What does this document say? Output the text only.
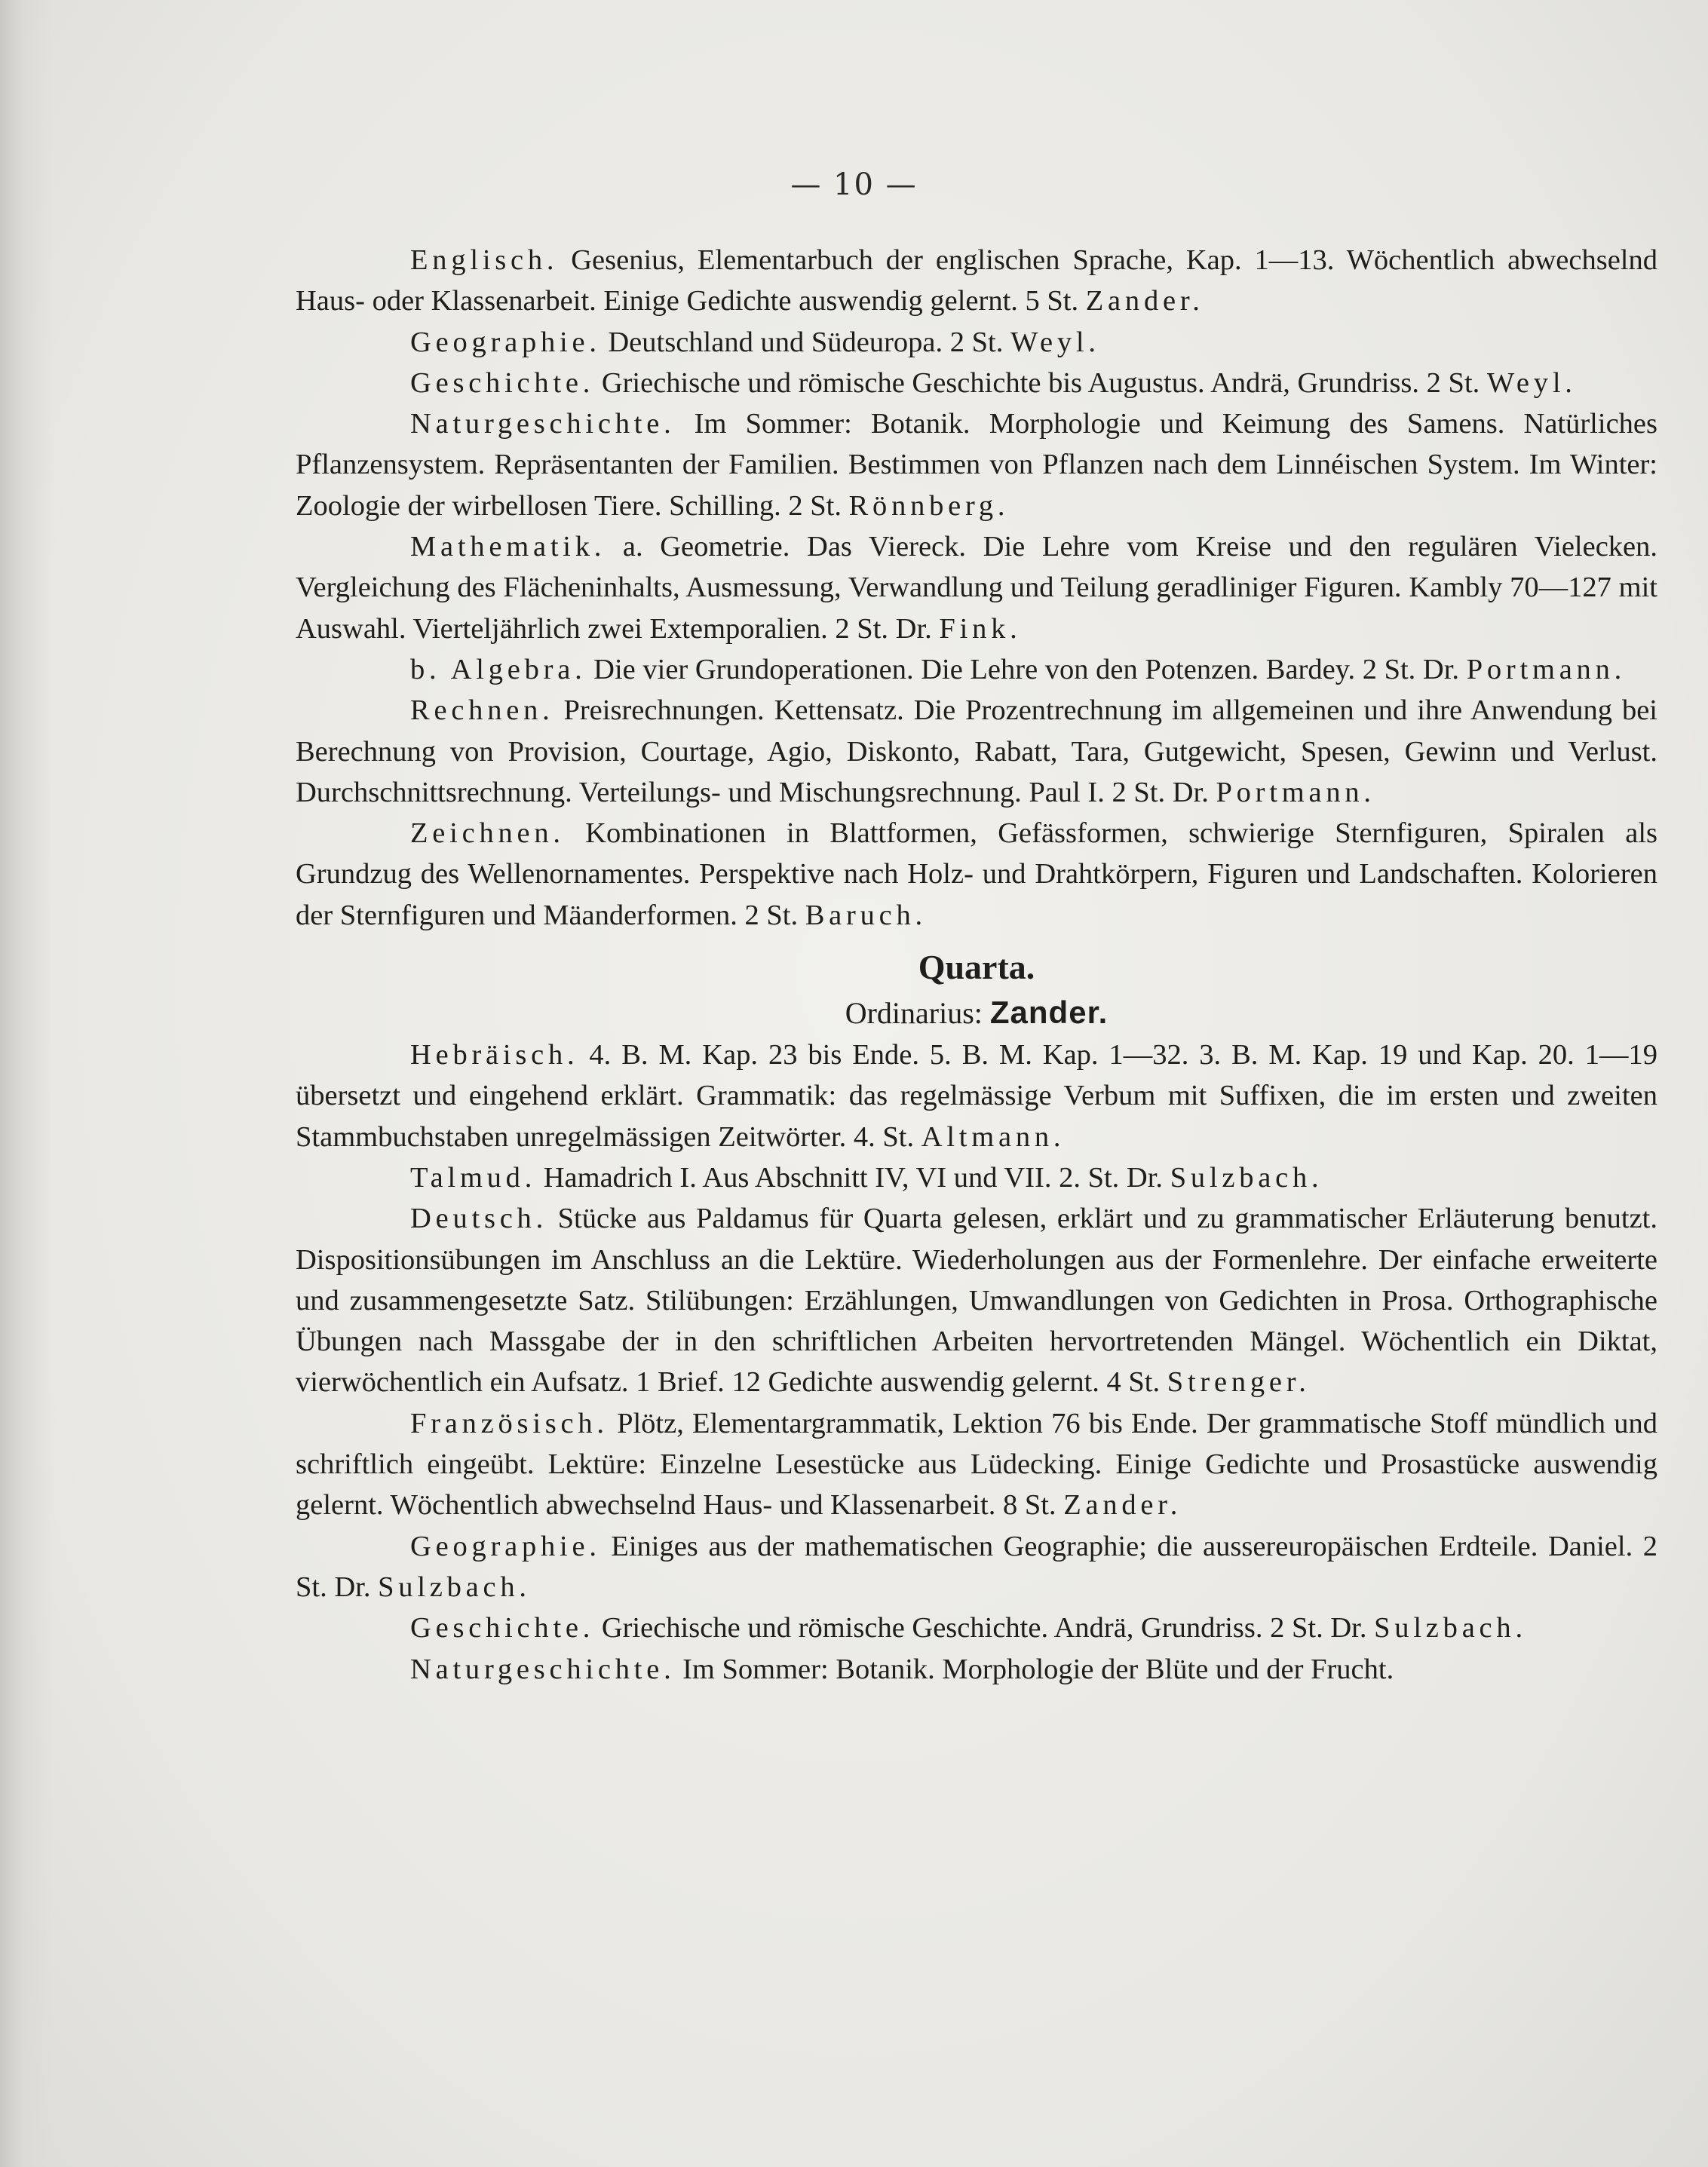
— 10 —

Englisch. Gesenius, Elementarbuch der englischen Sprache, Kap. 1—13. Wöchentlich abwechselnd Haus- oder Klassenarbeit. Einige Gedichte auswendig gelernt. 5 St. Zander.

Geographie. Deutschland und Südeuropa. 2 St. Weyl.

Geschichte. Griechische und römische Geschichte bis Augustus. Andrä, Grundriss. 2 St. Weyl.

Naturgeschichte. Im Sommer: Botanik. Morphologie und Keimung des Samens. Natürliches Pflanzensystem. Repräsentanten der Familien. Bestimmen von Pflanzen nach dem Linnéischen System. Im Winter: Zoologie der wirbellosen Tiere. Schilling. 2 St. Rönnberg.

Mathematik. a. Geometrie. Das Viereck. Die Lehre vom Kreise und den regulären Vielecken. Vergleichung des Flächeninhalts, Ausmessung, Verwandlung und Teilung geradliniger Figuren. Kambly 70—127 mit Auswahl. Vierteljährlich zwei Extemporalien. 2 St. Dr. Fink.

b. Algebra. Die vier Grundoperationen. Die Lehre von den Potenzen. Bardey. 2 St. Dr. Portmann.

Rechnen. Preisrechnungen. Kettensatz. Die Prozentrechnung im allgemeinen und ihre Anwendung bei Berechnung von Provision, Courtage, Agio, Diskonto, Rabatt, Tara, Gutgewicht, Spesen, Gewinn und Verlust. Durchschnittsrechnung. Verteilungs- und Mischungsrechnung. Paul I. 2 St. Dr. Portmann.

Zeichnen. Kombinationen in Blattformen, Gefässformen, schwierige Sternfiguren, Spiralen als Grundzug des Wellenornamentes. Perspektive nach Holz- und Drahtkörpern, Figuren und Landschaften. Kolorieren der Sternfiguren und Mäanderformen. 2 St. Baruch.

Quarta.
Ordinarius: Zander.

Hebräisch. 4. B. M. Kap. 23 bis Ende. 5. B. M. Kap. 1—32. 3. B. M. Kap. 19 und Kap. 20. 1—19 übersetzt und eingehend erklärt. Grammatik: das regelmässige Verbum mit Suffixen, die im ersten und zweiten Stammbuchstaben unregelmässigen Zeitwörter. 4. St. Altmann.

Talmud. Hamadrich I. Aus Abschnitt IV, VI und VII. 2. St. Dr. Sulzbach.

Deutsch. Stücke aus Paldamus für Quarta gelesen, erklärt und zu grammatischer Erläuterung benutzt. Dispositionsübungen im Anschluss an die Lektüre. Wiederholungen aus der Formenlehre. Der einfache erweiterte und zusammengesetzte Satz. Stilübungen: Erzählungen, Umwandlungen von Gedichten in Prosa. Orthographische Übungen nach Massgabe der in den schriftlichen Arbeiten hervortretenden Mängel. Wöchentlich ein Diktat, vierwöchentlich ein Aufsatz. 1 Brief. 12 Gedichte auswendig gelernt. 4 St. Strenger.

Französisch. Plötz, Elementargrammatik, Lektion 76 bis Ende. Der grammatische Stoff mündlich und schriftlich eingeübt. Lektüre: Einzelne Lesestücke aus Lüdecking. Einige Gedichte und Prosastücke auswendig gelernt. Wöchentlich abwechselnd Haus- und Klassenarbeit. 8 St. Zander.

Geographie. Einiges aus der mathematischen Geographie; die aussereuropäischen Erdteile. Daniel. 2 St. Dr. Sulzbach.

Geschichte. Griechische und römische Geschichte. Andrä, Grundriss. 2 St. Dr. Sulzbach.

Naturgeschichte. Im Sommer: Botanik. Morphologie der Blüte und der Frucht.
